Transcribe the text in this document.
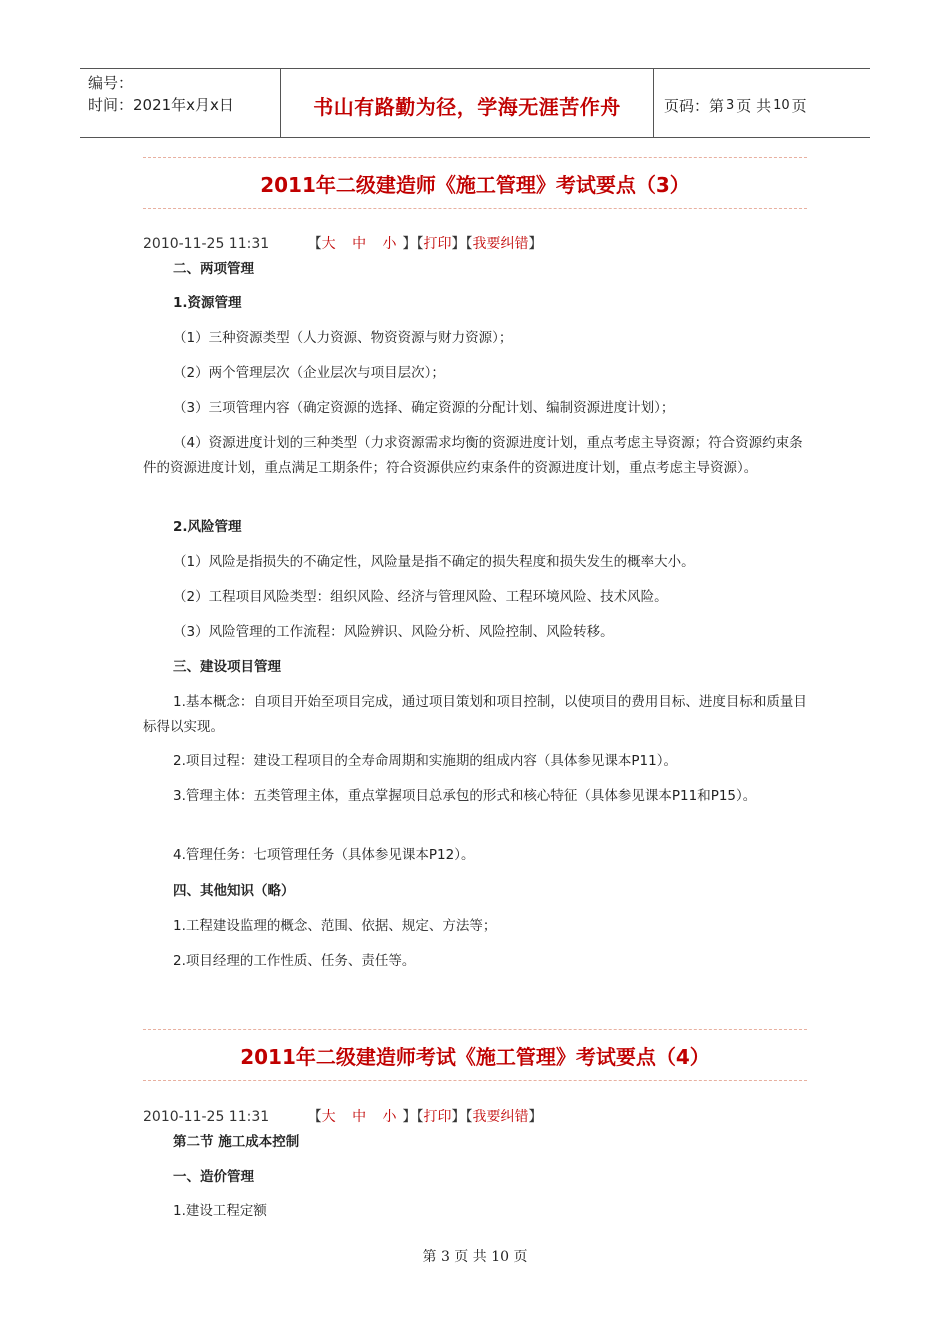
编号：
时间：2021年x月x日	书山有路勤为径，学海无涯苦作舟	页码：第 3 页 共 10 页
2011年二级建造师《施工管理》考试要点（3）
2010-11-25 11:31	【大 中 小】【打印】【我要纠错】
二、两项管理
1.资源管理
（1）三种资源类型（人力资源、物资资源与财力资源）；
（2）两个管理层次（企业层次与项目层次）；
（3）三项管理内容（确定资源的选择、确定资源的分配计划、编制资源进度计划）；
（4）资源进度计划的三种类型（力求资源需求均衡的资源进度计划，重点考虑主导资源；符合资源约束条件的资源进度计划，重点满足工期条件；符合资源供应约束条件的资源进度计划，重点考虑主导资源）。
2.风险管理
（1）风险是指损失的不确定性，风险量是指不确定的损失程度和损失发生的概率大小。
（2）工程项目风险类型：组织风险、经济与管理风险、工程环境风险、技术风险。
（3）风险管理的工作流程：风险辨识、风险分析、风险控制、风险转移。
三、建设项目管理
1.基本概念：自项目开始至项目完成，通过项目策划和项目控制，以使项目的费用目标、进度目标和质量目标得以实现。
2.项目过程：建设工程项目的全寿命周期和实施期的组成内容（具体参见课本P11）。
3.管理主体：五类管理主体，重点掌握项目总承包的形式和核心特征（具体参见课本P11和P15）。
4.管理任务：七项管理任务（具体参见课本P12）。
四、其他知识（略）
1.工程建设监理的概念、范围、依据、规定、方法等；
2.项目经理的工作性质、任务、责任等。
2011年二级建造师考试《施工管理》考试要点（4）
2010-11-25 11:31	【大 中 小】【打印】【我要纠错】
第二节 施工成本控制
一、造价管理
1.建设工程定额
第 3 页 共 10 页
